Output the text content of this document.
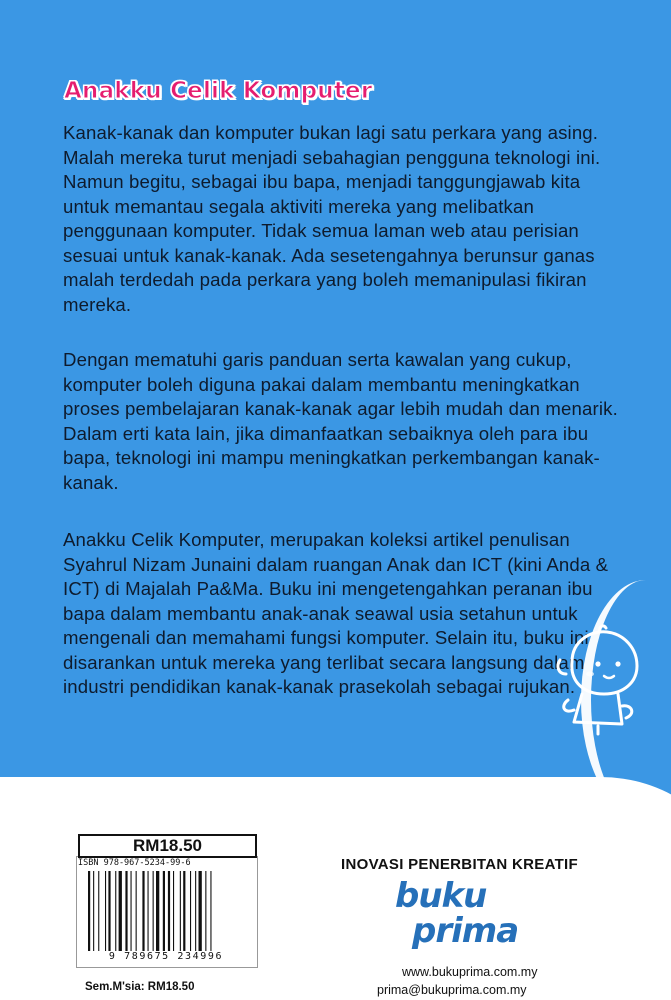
Anakku Celik Komputer

Kanak-kanak dan komputer bukan lagi satu perkara yang asing. Malah mereka turut menjadi sebahagian pengguna teknologi ini. Namun begitu, sebagai ibu bapa, menjadi tanggungjawab kita untuk memantau segala aktiviti mereka yang melibatkan penggunaan komputer. Tidak semua laman web atau perisian sesuai untuk kanak-kanak. Ada sesetengahnya berunsur ganas malah terdedah pada perkara yang boleh memanipulasi fikiran mereka.

Dengan mematuhi garis panduan serta kawalan yang cukup, komputer boleh diguna pakai dalam membantu meningkatkan proses pembelajaran kanak-kanak agar lebih mudah dan menarik. Dalam erti kata lain, jika dimanfaatkan sebaiknya oleh para ibu bapa, teknologi ini mampu meningkatkan perkembangan kanak-kanak.

Anakku Celik Komputer, merupakan koleksi artikel penulisan Syahrul Nizam Junaini dalam ruangan Anak dan ICT (kini Anda & ICT) di Majalah Pa&Ma. Buku ini mengetengahkan peranan ibu bapa dalam membantu anak-anak seawal usia setahun untuk mengenali dan memahami fungsi komputer. Selain itu, buku ini disarankan untuk mereka yang terlibat secara langsung dalam industri pendidikan kanak-kanak prasekolah sebagai rujukan.

RM18.50
ISBN 978-967-5234-99-6
9 789675 234996
Sem.M'sia: RM18.50
INOVASI PENERBITAN KREATIF
buku
prima
www.bukuprima.com.my
prima@bukuprima.com.my
